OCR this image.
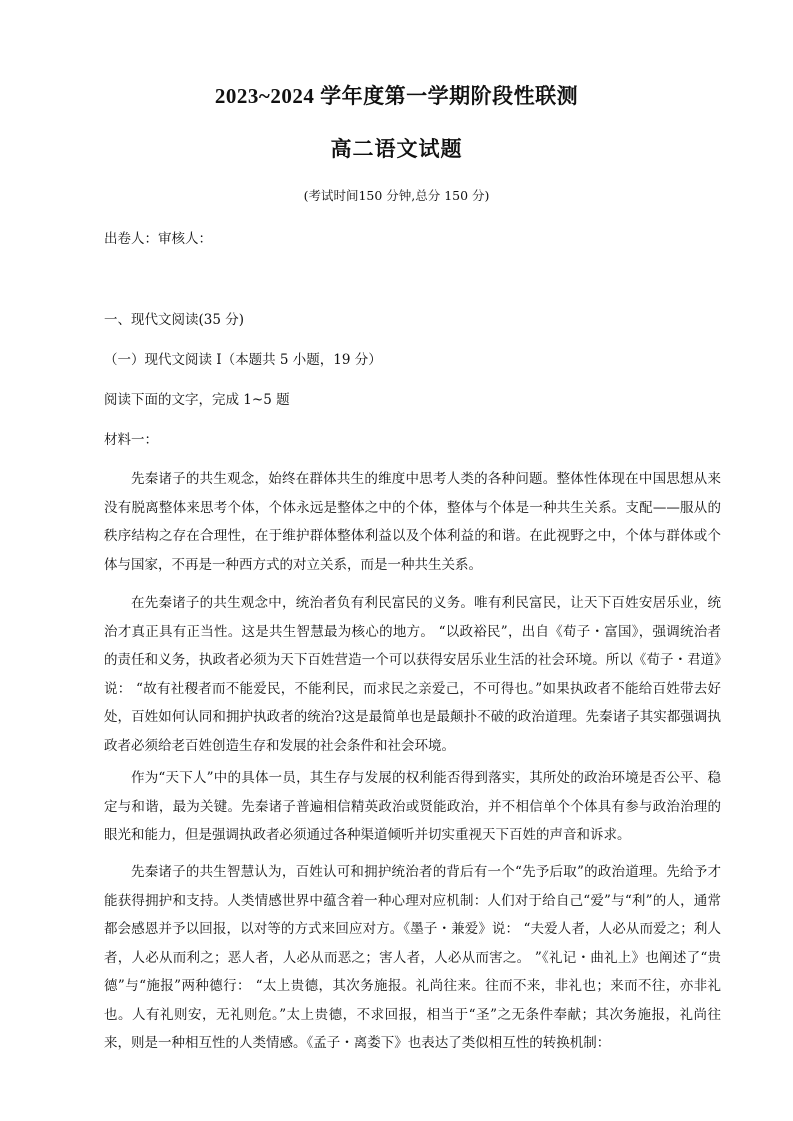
2023~2024 学年度第一学期阶段性联测
高二语文试题
(考试时间150 分钟,总分 150 分)
出卷人：审核人：
一、现代文阅读(35 分)
（一）现代文阅读 I（本题共 5 小题，19 分）
阅读下面的文字，完成 1~5 题
材料一：

先秦诸子的共生观念，始终在群体共生的维度中思考人类的各种问题。整体性体现在中国思想从来没有脱离整体来思考个体，个体永远是整体之中的个体，整体与个体是一种共生关系。支配——服从的秩序结构之存在合理性，在于维护群体整体利益以及个体利益的和谐。在此视野之中，个体与群体或个体与国家，不再是一种西方式的对立关系，而是一种共生关系。

在先秦诸子的共生观念中，统治者负有利民富民的义务。唯有利民富民，让天下百姓安居乐业，统治才真正具有正当性。这是共生智慧最为核心的地方。 “以政裕民”，出自《荀子・富国》，强调统治者的责任和义务，执政者必须为天下百姓营造一个可以获得安居乐业生活的社会环境。所以《荀子・君道》说： “故有社稷者而不能爱民，不能利民，而求民之亲爱己，不可得也。”如果执政者不能给百姓带去好处，百姓如何认同和拥护执政者的统治?这是最简单也是最颠扑不破的政治道理。先秦诸子其实都强调执政者必须给老百姓创造生存和发展的社会条件和社会环境。

作为“天下人”中的具体一员，其生存与发展的权利能否得到落实，其所处的政治环境是否公平、稳定与和谐，最为关键。先秦诸子普遍相信精英政治或贤能政治，并不相信单个个体具有参与政治治理的眼光和能力，但是强调执政者必须通过各种渠道倾听并切实重视天下百姓的声音和诉求。

先秦诸子的共生智慧认为，百姓认可和拥护统治者的背后有一个“先予后取”的政治道理。先给予才能获得拥护和支持。人类情感世界中蕴含着一种心理对应机制：人们对于给自己“爱”与“利”的人，通常都会感恩并予以回报，以对等的方式来回应对方。《墨子・兼爱》说： “夫爱人者，人必从而爱之；利人者，人必从而利之；恶人者，人必从而恶之；害人者，人必从而害之。 ”《礼记・曲礼上》也阐述了“贵德”与“施报”两种德行： “太上贵德，其次务施报。礼尚往来。往而不来，非礼也；来而不往，亦非礼也。人有礼则安，无礼则危。”太上贵德，不求回报，相当于“圣”之无条件奉献；其次务施报，礼尚往来，则是一种相互性的人类情感。《孟子・离娄下》也表达了类似相互性的转换机制：
